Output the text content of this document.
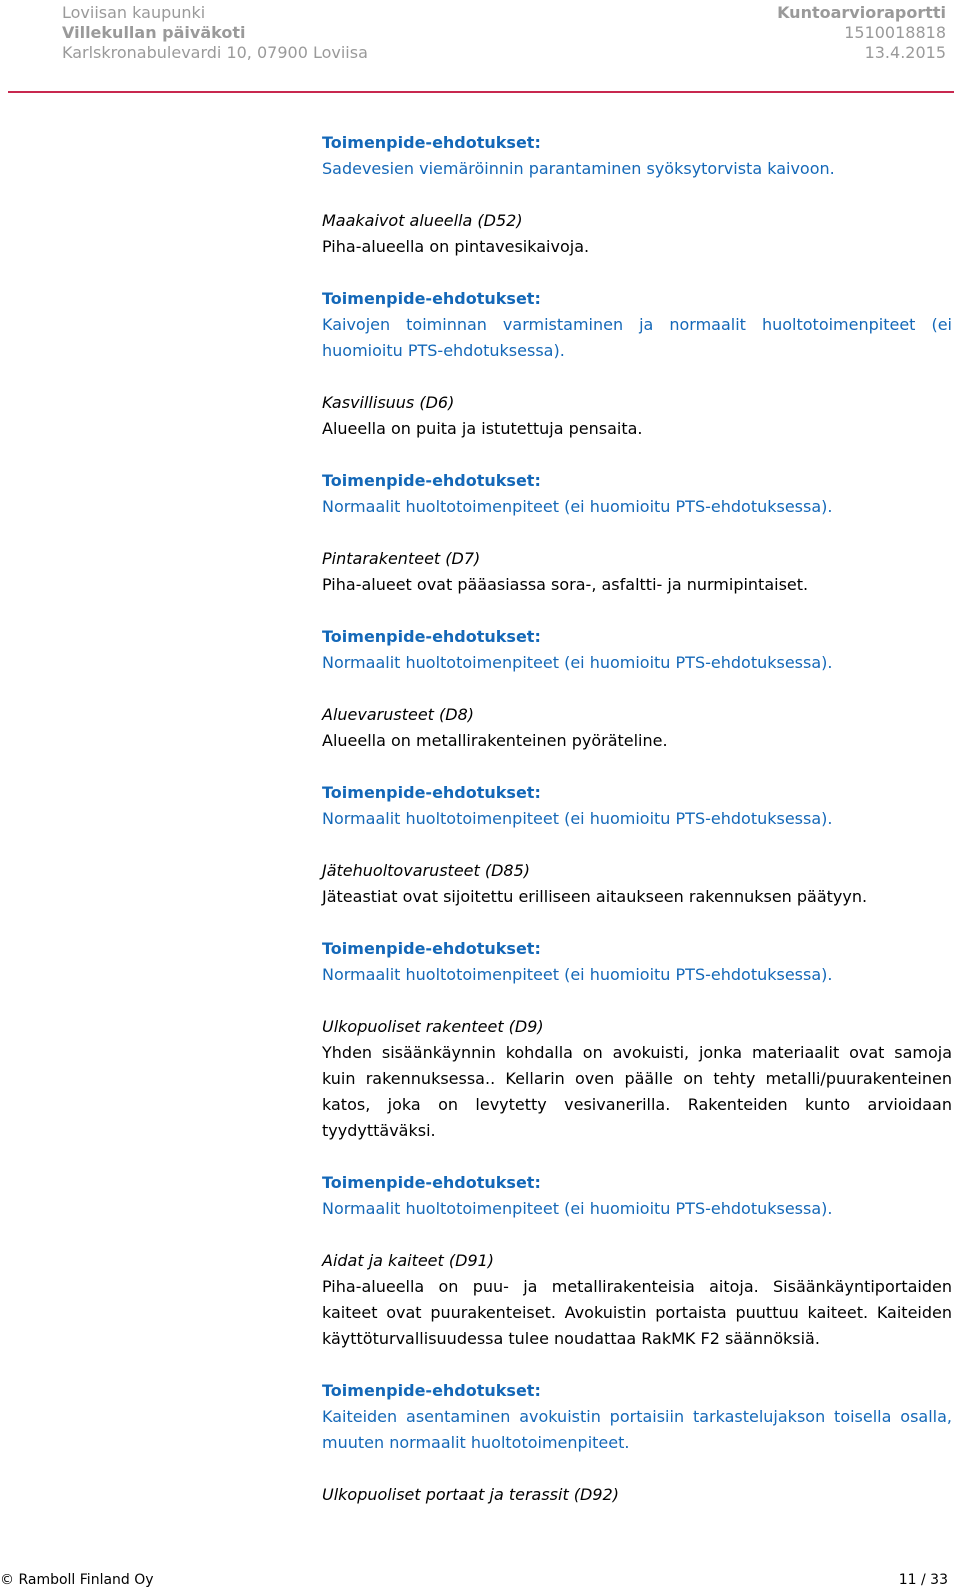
Loviisan kaupunki
Villekullan päiväkoti
Karlskronabulevardi 10, 07900 Loviisa
Kuntoarvioraportti
1510018818
13.4.2015

Toimenpide-ehdotukset:

Sadevesien viemäröinnin parantaminen syöksytorvista kaivoon.

Maakaivot alueella (D52)

Piha-alueella on pintavesikaivoja.

Toimenpide-ehdotukset:

Kaivojen toiminnan varmistaminen ja normaalit huoltotoimenpiteet (ei huomioitu PTS-ehdotuksessa).

Kasvillisuus (D6)

Alueella on puita ja istutettuja pensaita.

Toimenpide-ehdotukset:

Normaalit huoltotoimenpiteet (ei huomioitu PTS-ehdotuksessa).

Pintarakenteet (D7)

Piha-alueet ovat pääasiassa sora-, asfaltti- ja nurmipintaiset.

Toimenpide-ehdotukset:

Normaalit huoltotoimenpiteet (ei huomioitu PTS-ehdotuksessa).

Aluevarusteet (D8)

Alueella on metallirakenteinen pyöräteline.

Toimenpide-ehdotukset:

Normaalit huoltotoimenpiteet (ei huomioitu PTS-ehdotuksessa).

Jätehuoltovarusteet (D85)

Jäteastiat ovat sijoitettu erilliseen aitaukseen rakennuksen päätyyn.

Toimenpide-ehdotukset:

Normaalit huoltotoimenpiteet (ei huomioitu PTS-ehdotuksessa).

Ulkopuoliset rakenteet (D9)

Yhden sisäänkäynnin kohdalla on avokuisti, jonka materiaalit ovat samoja kuin rakennuksessa.. Kellarin oven päälle on tehty metalli/puurakenteinen katos, joka on levytetty vesivanerilla. Rakenteiden kunto arvioidaan tyydyttäväksi.

Toimenpide-ehdotukset:

Normaalit huoltotoimenpiteet (ei huomioitu PTS-ehdotuksessa).

Aidat ja kaiteet (D91)

Piha-alueella on puu- ja metallirakenteisia aitoja. Sisäänkäyntiportaiden kaiteet ovat puurakenteiset. Avokuistin portaista puuttuu kaiteet. Kaiteiden käyttöturvallisuudessa tulee noudattaa RakMK F2 säännöksiä.

Toimenpide-ehdotukset:

Kaiteiden asentaminen avokuistin portaisiin tarkastelujakson toisella osalla, muuten normaalit huoltotoimenpiteet.

Ulkopuoliset portaat ja terassit (D92)

© Ramboll Finland Oy	11 / 33
